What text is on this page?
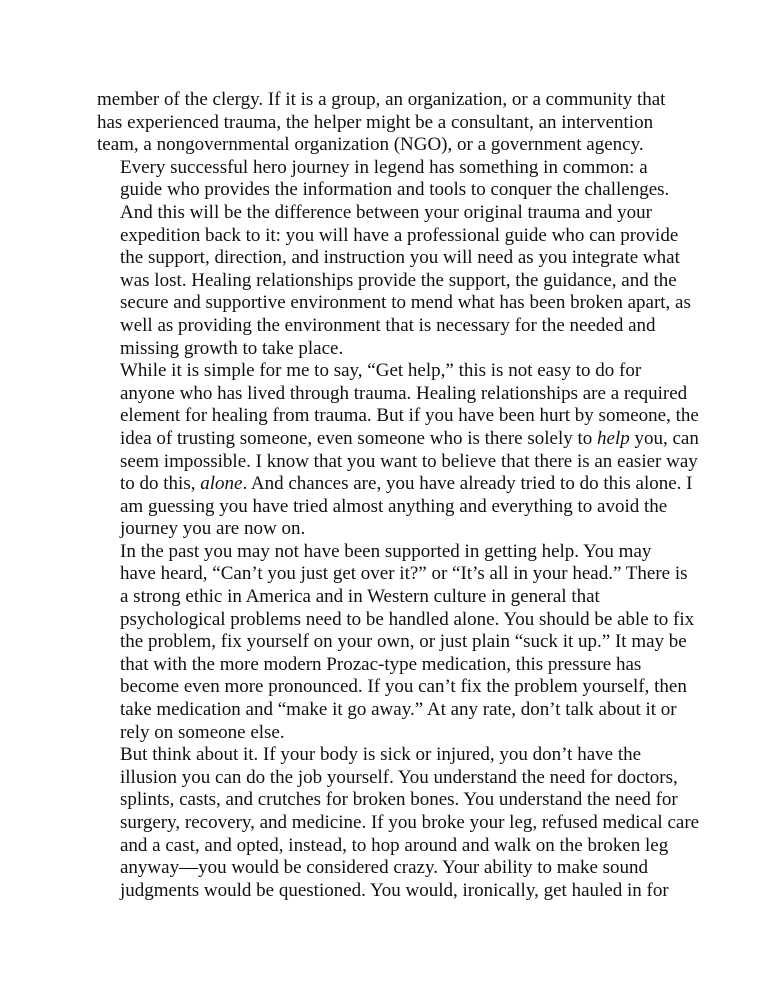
member of the clergy. If it is a group, an organization, or a community that
has experienced trauma, the helper might be a consultant, an intervention
team, a nongovernmental organization (NGO), or a government agency.

Every successful hero journey in legend has something in common: a
guide who provides the information and tools to conquer the challenges.
And this will be the difference between your original trauma and your
expedition back to it: you will have a professional guide who can provide
the support, direction, and instruction you will need as you integrate what
was lost. Healing relationships provide the support, the guidance, and the
secure and supportive environment to mend what has been broken apart, as
well as providing the environment that is necessary for the needed and
missing growth to take place.

While it is simple for me to say, “Get help,” this is not easy to do for
anyone who has lived through trauma. Healing relationships are a required
element for healing from trauma. But if you have been hurt by someone, the
idea of trusting someone, even someone who is there solely to help you, can
seem impossible. I know that you want to believe that there is an easier way
to do this, alone. And chances are, you have already tried to do this alone. I
am guessing you have tried almost anything and everything to avoid the
journey you are now on.

In the past you may not have been supported in getting help. You may
have heard, “Can’t you just get over it?” or “It’s all in your head.” There is
a strong ethic in America and in Western culture in general that
psychological problems need to be handled alone. You should be able to fix
the problem, fix yourself on your own, or just plain “suck it up.” It may be
that with the more modern Prozac-type medication, this pressure has
become even more pronounced. If you can’t fix the problem yourself, then
take medication and “make it go away.” At any rate, don’t talk about it or
rely on someone else.

But think about it. If your body is sick or injured, you don’t have the
illusion you can do the job yourself. You understand the need for doctors,
splints, casts, and crutches for broken bones. You understand the need for
surgery, recovery, and medicine. If you broke your leg, refused medical care
and a cast, and opted, instead, to hop around and walk on the broken leg
anyway—you would be considered crazy. Your ability to make sound
judgments would be questioned. You would, ironically, get hauled in for
